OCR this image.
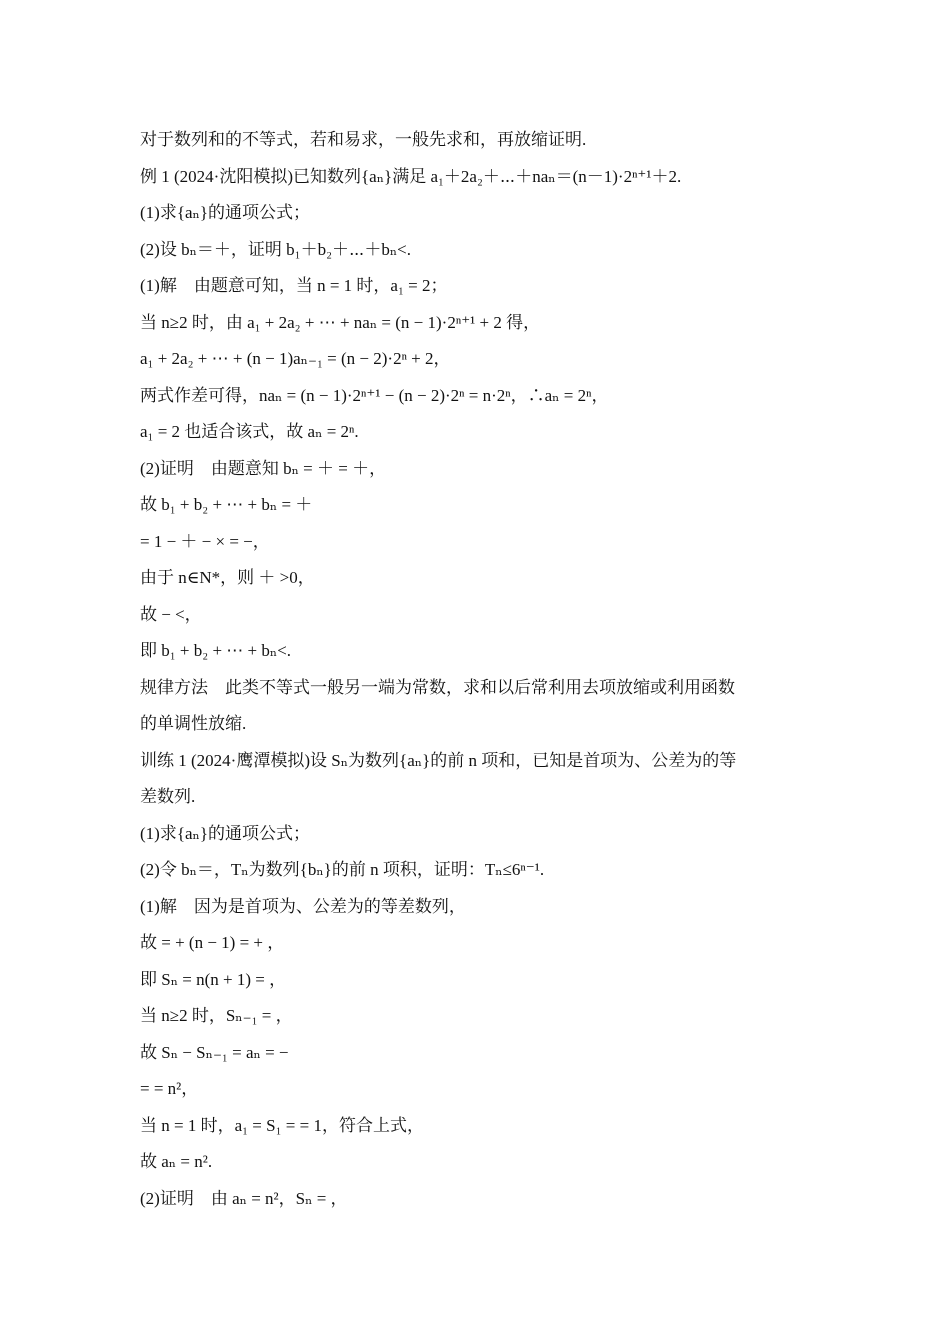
对于数列和的不等式，若和易求，一般先求和，再放缩证明.
例 1 (2024·沈阳模拟)已知数列{aₙ}满足 a₁＋2a₂＋⋯＋naₙ＝(n－1)·2ⁿ⁺¹＋2.
(1)求{aₙ}的通项公式；
(2)设 bₙ＝＋，证明 b₁＋b₂＋⋯＋bₙ<.
(1)解　由题意可知，当 n = 1 时，a₁ = 2；
当 n≥2 时，由 a₁ + 2a₂ + ⋯ + naₙ = (n − 1)·2ⁿ⁺¹ + 2 得，
a₁ + 2a₂ + ⋯ + (n − 1)aₙ₋₁ = (n − 2)·2ⁿ + 2，
两式作差可得，naₙ = (n − 1)·2ⁿ⁺¹ − (n − 2)·2ⁿ = n·2ⁿ，∴aₙ = 2ⁿ，
a₁ = 2 也适合该式，故 aₙ = 2ⁿ.
(2)证明　由题意知 bₙ = ＋ = ＋，
故 b₁ + b₂ + ⋯ + bₙ = ＋
= 1 − ＋ − × = −，
由于 n∈N*，则 ＋ >0，
故 − <，
即 b₁ + b₂ + ⋯ + bₙ<.
规律方法　此类不等式一般另一端为常数，求和以后常利用去项放缩或利用函数
的单调性放缩.
训练 1 (2024·鹰潭模拟)设 Sₙ为数列{aₙ}的前 n 项和，已知是首项为、公差为的等
差数列.
(1)求{aₙ}的通项公式；
(2)令 bₙ＝，Tₙ为数列{bₙ}的前 n 项积，证明：Tₙ≤6ⁿ⁻¹.
(1)解　因为是首项为、公差为的等差数列，
故 = + (n − 1) = + ，
即 Sₙ = n(n + 1) = ，
当 n≥2 时，Sₙ₋₁ = ，
故 Sₙ − Sₙ₋₁ = aₙ = −
= = n²，
当 n = 1 时，a₁ = S₁ = = 1，符合上式，
故 aₙ = n².
(2)证明　由 aₙ = n²，Sₙ = ，
